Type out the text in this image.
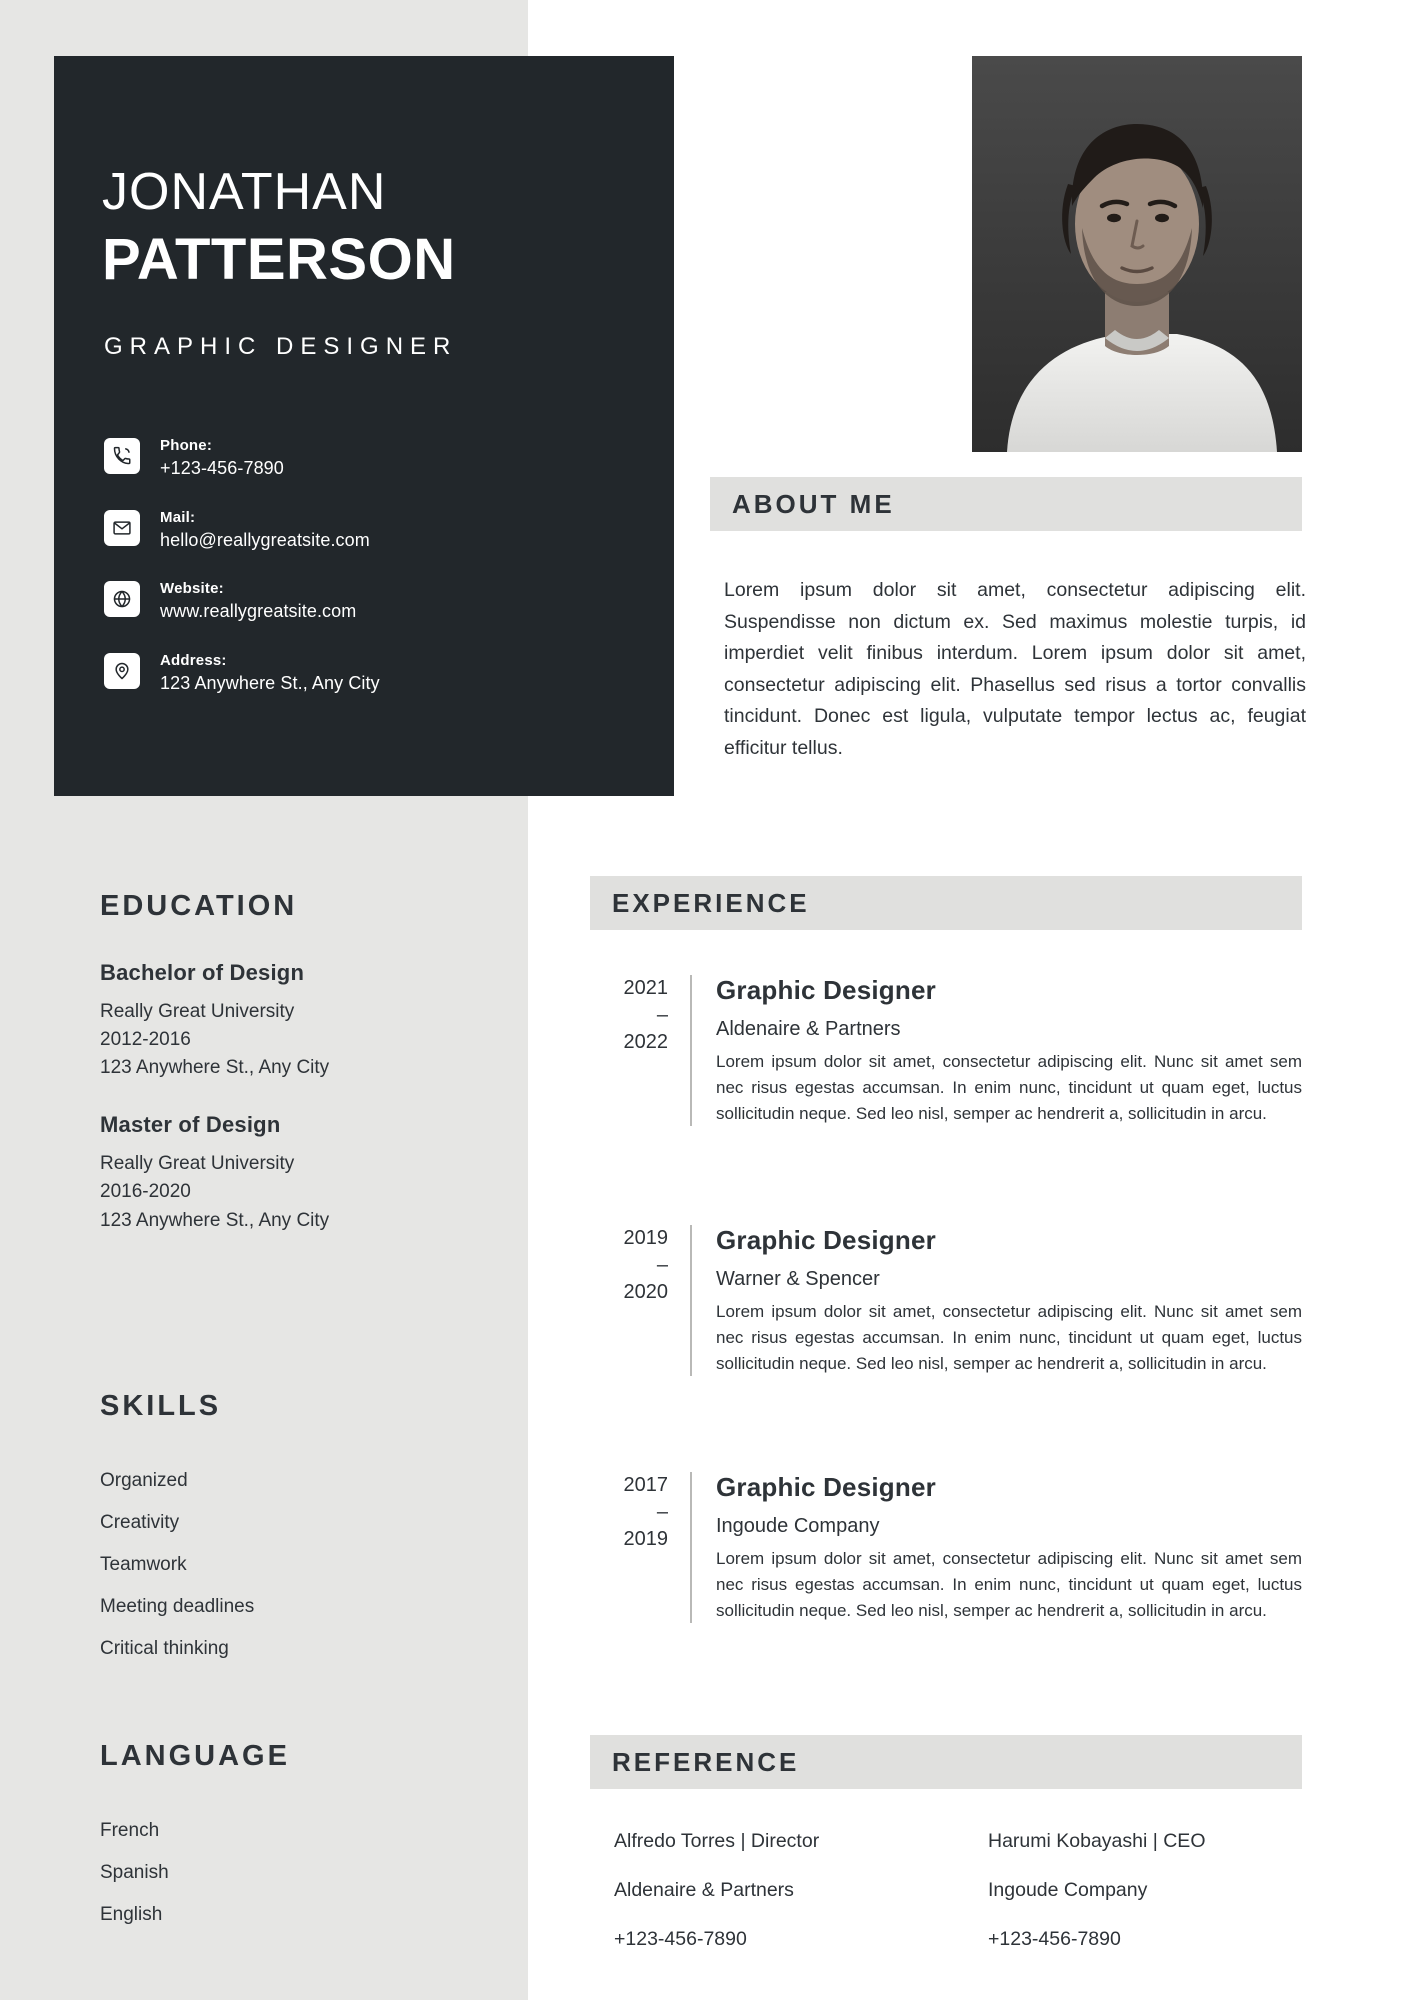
JONATHAN
PATTERSON
GRAPHIC DESIGNER
Phone:
+123-456-7890
Mail:
hello@reallygreatsite.com
Website:
www.reallygreatsite.com
Address:
123 Anywhere St., Any City
ABOUT ME
Lorem ipsum dolor sit amet, consectetur adipiscing elit. Suspendisse non dictum ex. Sed maximus molestie turpis, id imperdiet velit finibus interdum. Lorem ipsum dolor sit amet, consectetur adipiscing elit. Phasellus sed risus a tortor convallis tincidunt. Donec est ligula, vulputate tempor lectus ac, feugiat efficitur tellus.
EDUCATION
Bachelor of Design
Really Great University
2012-2016
123 Anywhere St., Any City
Master of Design
Really Great University
2016-2020
123 Anywhere St., Any City
SKILLS
Organized
Creativity
Teamwork
Meeting deadlines
Critical thinking
LANGUAGE
French
Spanish
English
EXPERIENCE
2021
–
2022
Graphic Designer
Aldenaire & Partners
Lorem ipsum dolor sit amet, consectetur adipiscing elit. Nunc sit amet sem nec risus egestas accumsan. In enim nunc, tincidunt ut quam eget, luctus sollicitudin neque. Sed leo nisl, semper ac hendrerit a, sollicitudin in arcu.
2019
–
2020
Graphic Designer
Warner & Spencer
Lorem ipsum dolor sit amet, consectetur adipiscing elit. Nunc sit amet sem nec risus egestas accumsan. In enim nunc, tincidunt ut quam eget, luctus sollicitudin neque. Sed leo nisl, semper ac hendrerit a, sollicitudin in arcu.
2017
–
2019
Graphic Designer
Ingoude Company
Lorem ipsum dolor sit amet, consectetur adipiscing elit. Nunc sit amet sem nec risus egestas accumsan. In enim nunc, tincidunt ut quam eget, luctus sollicitudin neque. Sed leo nisl, semper ac hendrerit a, sollicitudin in arcu.
REFERENCE
Alfredo Torres | Director
Aldenaire & Partners
+123-456-7890
Harumi Kobayashi | CEO
Ingoude Company
+123-456-7890
